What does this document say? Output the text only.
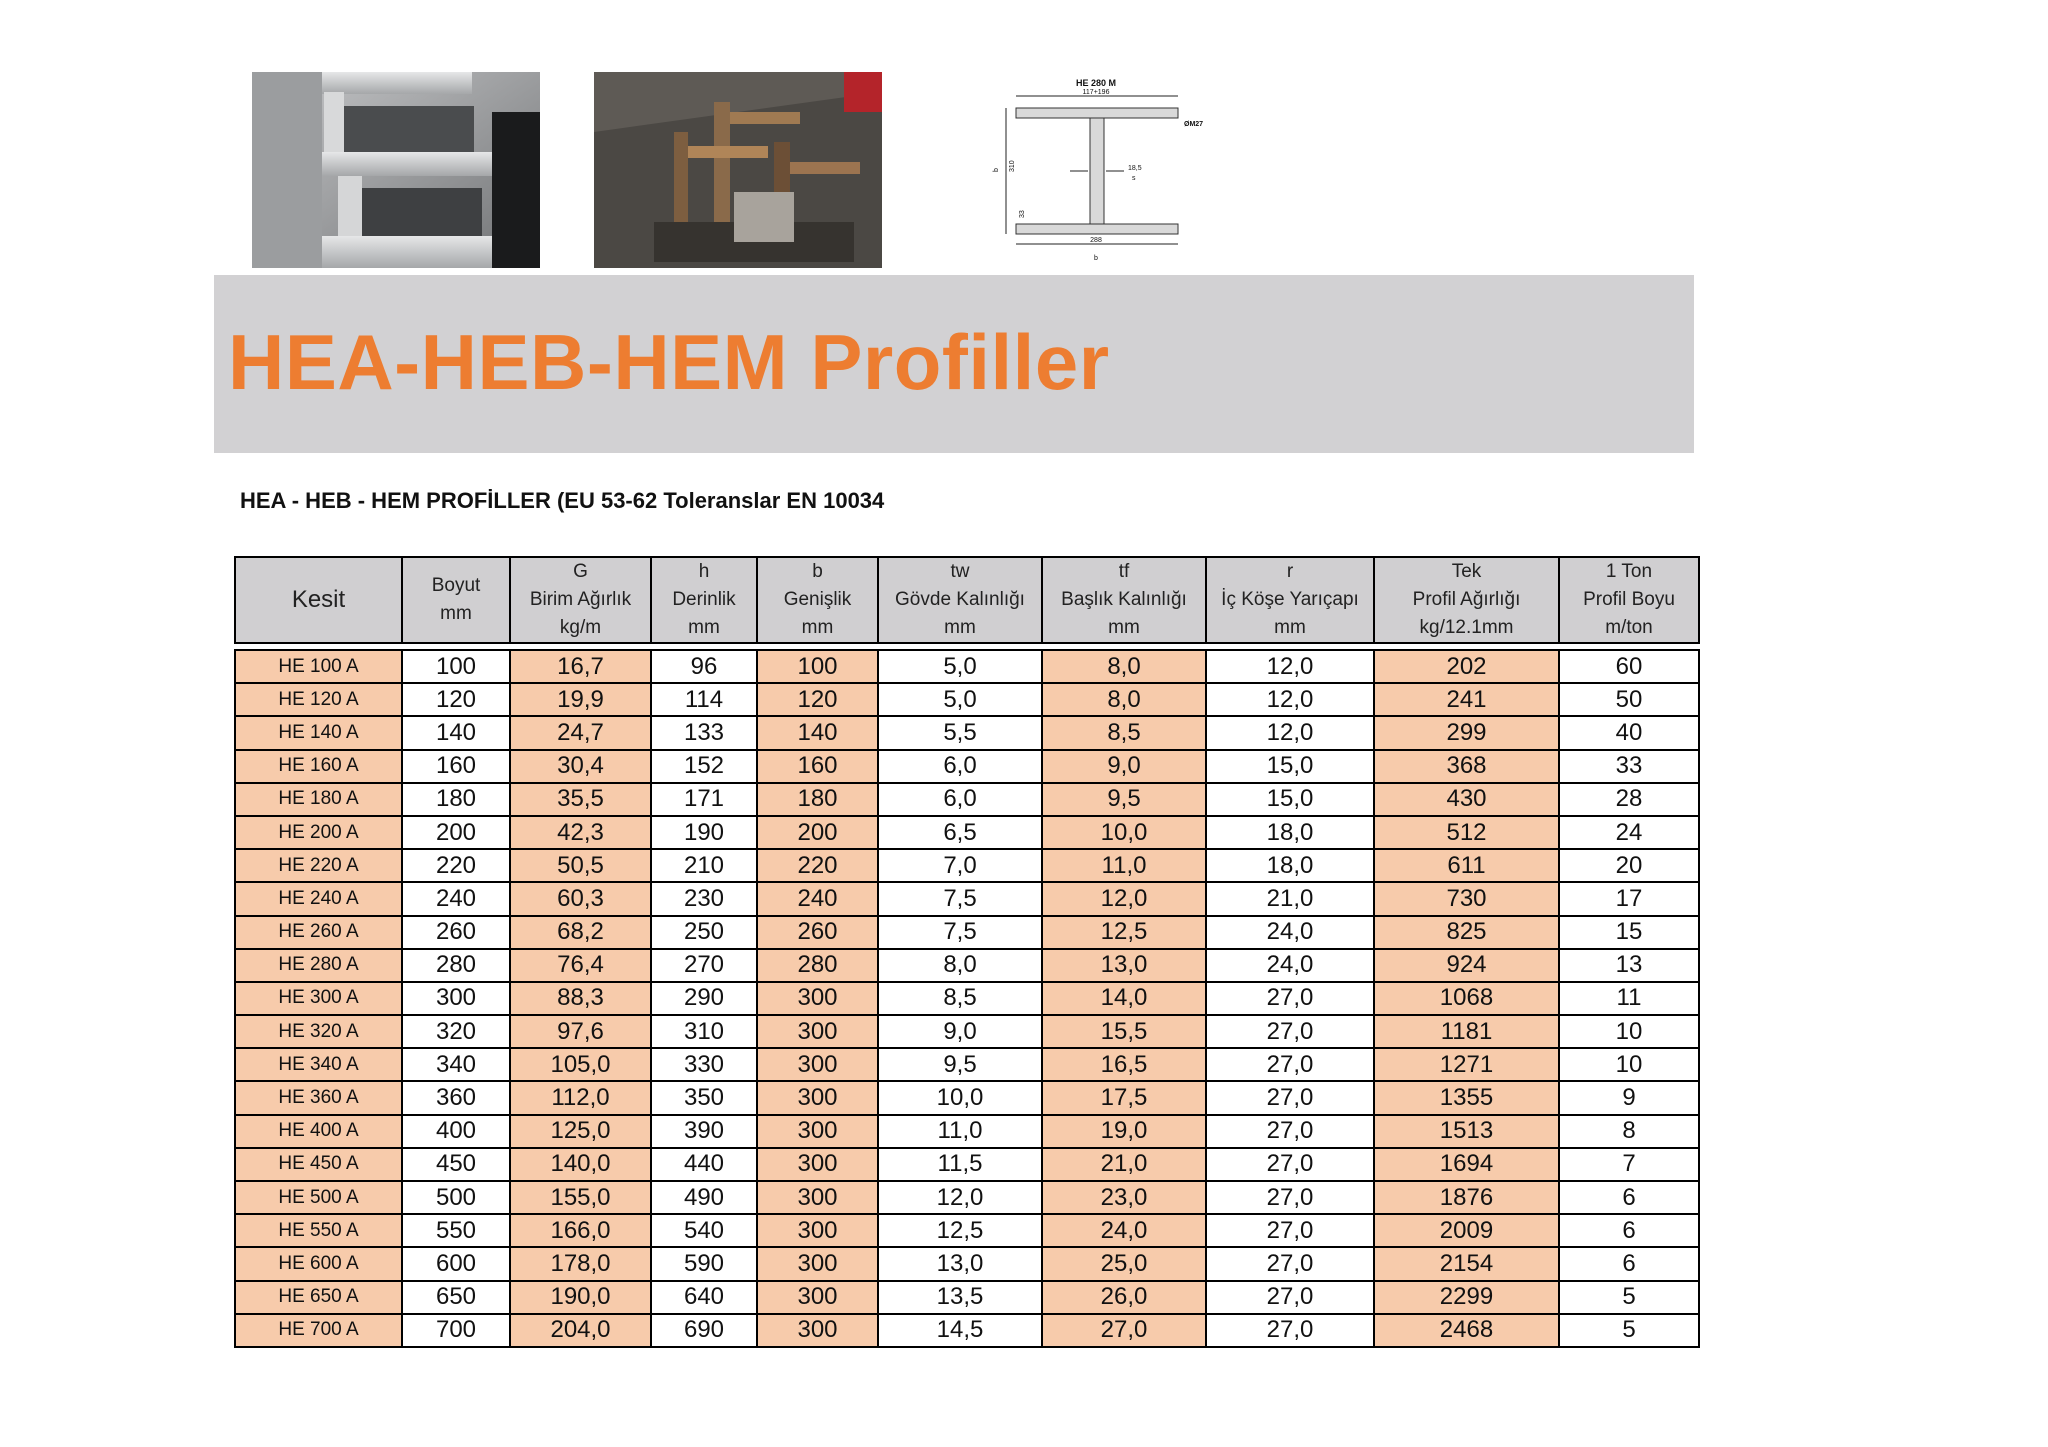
HE 280 M
117+196
ØM27
b 310
33
18,5
s
288
b
HEA-HEB-HEM Profiller
HEA - HEB - HEM PROFİLLER (EU 53-62 Toleranslar EN 10034
Kesit

Boyut
mm

G
Birim Ağırlık
kg/m

h
Derinlik
mm

b
Genişlik
mm

tw
Gövde Kalınlığı
mm

tf
Başlık Kalınlığı
mm

r
İç Köşe Yarıçapı
mm

Tek
Profil Ağırlığı
kg/12.1mm

1 Ton
Profil Boyu
m/ton
HE 100 A	100	16,7	96	100	5,0	8,0	12,0	202	60
HE 120 A	120	19,9	114	120	5,0	8,0	12,0	241	50
HE 140 A	140	24,7	133	140	5,5	8,5	12,0	299	40
HE 160 A	160	30,4	152	160	6,0	9,0	15,0	368	33
HE 180 A	180	35,5	171	180	6,0	9,5	15,0	430	28
HE 200 A	200	42,3	190	200	6,5	10,0	18,0	512	24
HE 220 A	220	50,5	210	220	7,0	11,0	18,0	611	20
HE 240 A	240	60,3	230	240	7,5	12,0	21,0	730	17
HE 260 A	260	68,2	250	260	7,5	12,5	24,0	825	15
HE 280 A	280	76,4	270	280	8,0	13,0	24,0	924	13
HE 300 A	300	88,3	290	300	8,5	14,0	27,0	1068	11
HE 320 A	320	97,6	310	300	9,0	15,5	27,0	1181	10
HE 340 A	340	105,0	330	300	9,5	16,5	27,0	1271	10
HE 360 A	360	112,0	350	300	10,0	17,5	27,0	1355	9
HE 400 A	400	125,0	390	300	11,0	19,0	27,0	1513	8
HE 450 A	450	140,0	440	300	11,5	21,0	27,0	1694	7
HE 500 A	500	155,0	490	300	12,0	23,0	27,0	1876	6
HE 550 A	550	166,0	540	300	12,5	24,0	27,0	2009	6
HE 600 A	600	178,0	590	300	13,0	25,0	27,0	2154	6
HE 650 A	650	190,0	640	300	13,5	26,0	27,0	2299	5
HE 700 A	700	204,0	690	300	14,5	27,0	27,0	2468	5
